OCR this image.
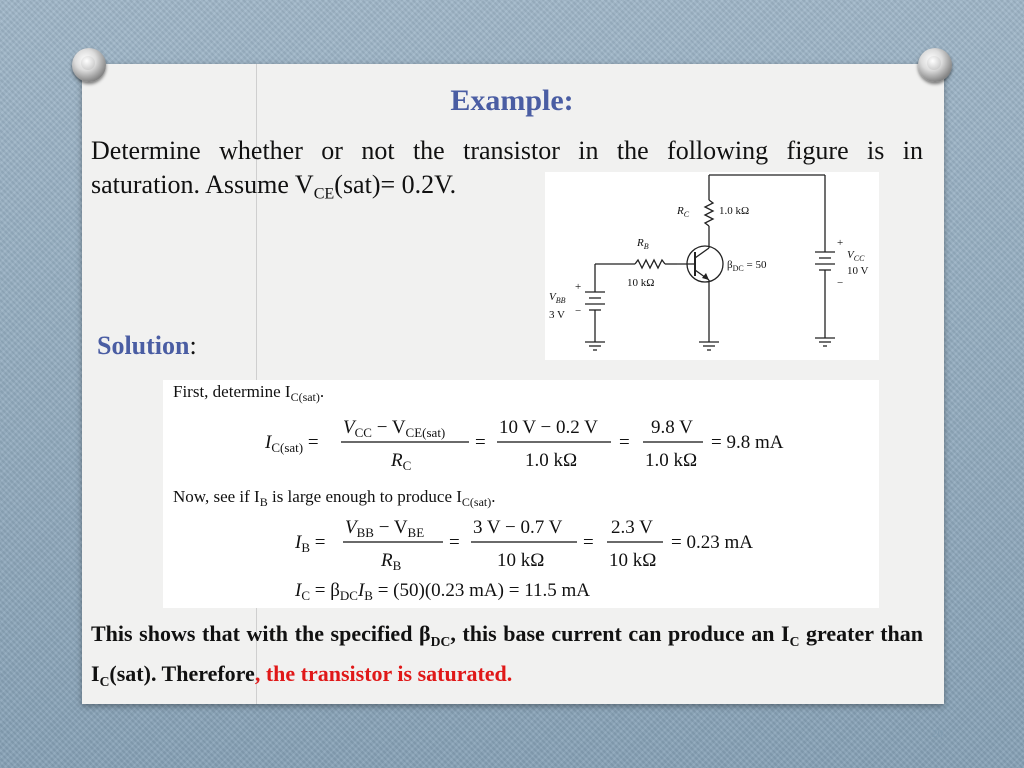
Example:
Determine whether or not the transistor in the following figure is in
saturation. Assume $V_{CE}(sat)= 0.2V$.
$R_C$	1.0 kΩ
$R_B$
10 kΩ
$\beta_{DC} = 50$
+
−
$V_{BB}$
3 V
+
−
$V_{CC}$
10 V
Solution:
First, determine $I_{C(sat)}$.
$I_{C(sat)}$ =
$V_{CC} - V_{CE(sat)}$
$R_C$
=
10 V − 0.2 V
1.0 kΩ
=
9.8 V
1.0 kΩ
= 9.8 mA
Now, see if $I_B$ is large enough to produce $I_{C(sat)}$.
$I_B$ =
$V_{BB} - V_{BE}$
$R_B$
=
3 V − 0.7 V
10 kΩ
=
2.3 V
10 kΩ
= 0.23 mA
$I_C = \beta_{DC}I_B = (50)(0.23$ mA) = 11.5 mA
This shows that with the specified $\beta_{DC}$, this base current can produce an $I_C$ greater than $I_C(sat)$. Therefore, the transistor is saturated.
20
